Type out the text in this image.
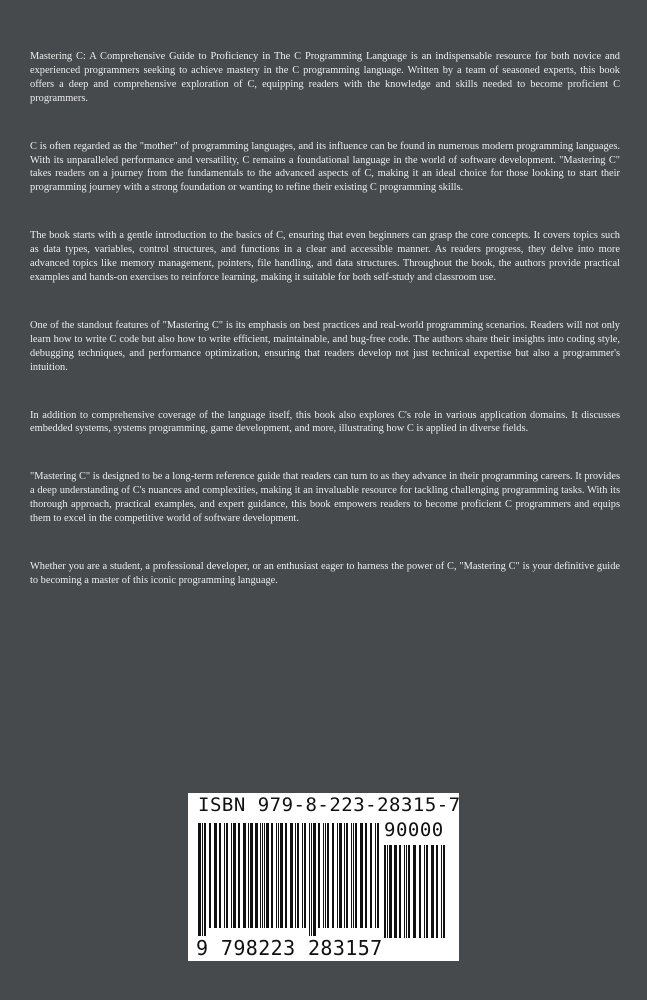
Mastering C: A Comprehensive Guide to Proficiency in The C Programming Language is an indispensable resource for both novice and experienced programmers seeking to achieve mastery in the C programming language. Written by a team of seasoned experts, this book offers a deep and comprehensive exploration of C, equipping readers with the knowledge and skills needed to become proficient C programmers.

C is often regarded as the "mother" of programming languages, and its influence can be found in numerous modern programming languages. With its unparalleled performance and versatility, C remains a foundational language in the world of software development. "Mastering C" takes readers on a journey from the fundamentals to the advanced aspects of C, making it an ideal choice for those looking to start their programming journey with a strong foundation or wanting to refine their existing C programming skills.

The book starts with a gentle introduction to the basics of C, ensuring that even beginners can grasp the core concepts. It covers topics such as data types, variables, control structures, and functions in a clear and accessible manner. As readers progress, they delve into more advanced topics like memory management, pointers, file handling, and data structures. Throughout the book, the authors provide practical examples and hands-on exercises to reinforce learning, making it suitable for both self-study and classroom use.

One of the standout features of "Mastering C" is its emphasis on best practices and real-world programming scenarios. Readers will not only learn how to write C code but also how to write efficient, maintainable, and bug-free code. The authors share their insights into coding style, debugging techniques, and performance optimization, ensuring that readers develop not just technical expertise but also a programmer's intuition.

In addition to comprehensive coverage of the language itself, this book also explores C's role in various application domains. It discusses embedded systems, systems programming, game development, and more, illustrating how C is applied in diverse fields.

"Mastering C" is designed to be a long-term reference guide that readers can turn to as they advance in their programming careers. It provides a deep understanding of C's nuances and complexities, making it an invaluable resource for tackling challenging programming tasks. With its thorough approach, practical examples, and expert guidance, this book empowers readers to become proficient C programmers and equips them to excel in the competitive world of software development.

Whether you are a student, a professional developer, or an enthusiast eager to harness the power of C, "Mastering C" is your definitive guide to becoming a master of this iconic programming language.

ISBN 979-8-223-28315-7
90000
9 798223 283157
